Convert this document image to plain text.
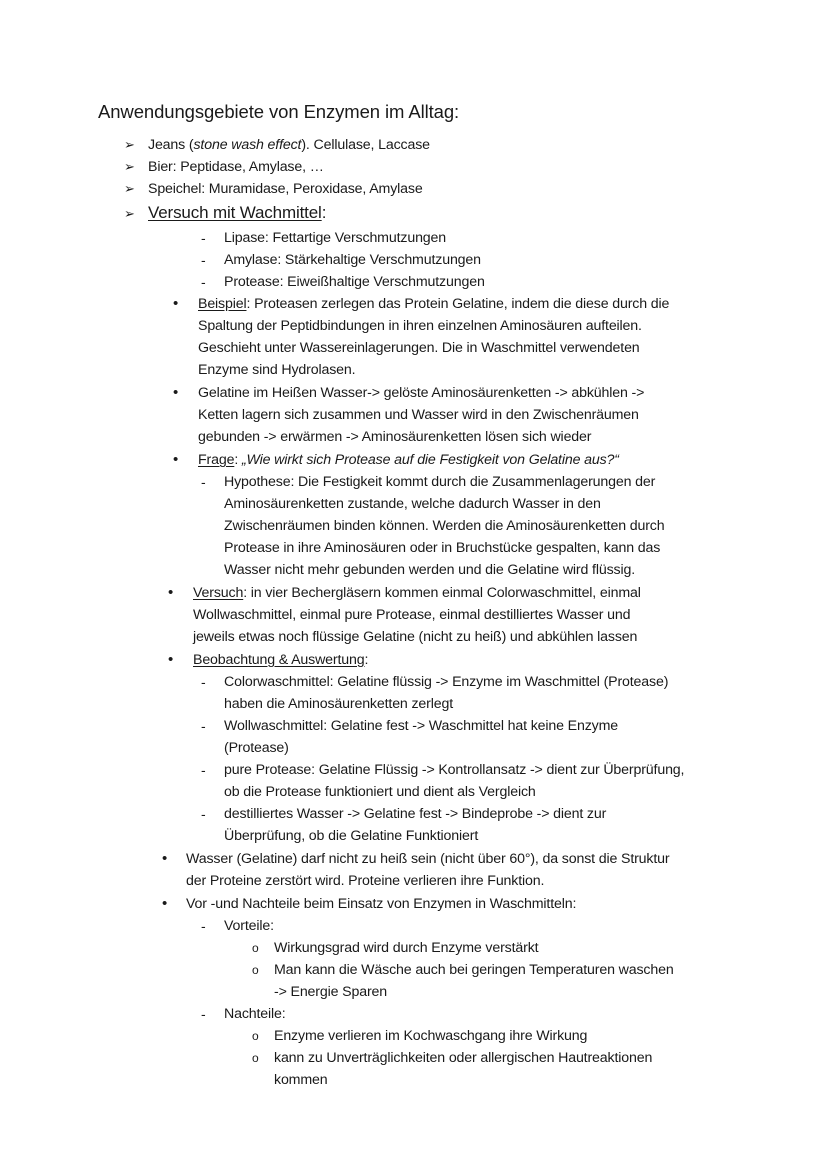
Anwendungsgebiete von Enzymen im Alltag:
➢ Jeans (stone wash effect). Cellulase, Laccase
➢ Bier: Peptidase, Amylase, …
➢ Speichel: Muramidase, Peroxidase, Amylase
➢ Versuch mit Wachmittel:
- Lipase: Fettartige Verschmutzungen
- Amylase: Stärkehaltige Verschmutzungen
- Protease: Eiweißhaltige Verschmutzungen
• Beispiel: Proteasen zerlegen das Protein Gelatine, indem die diese durch die
Spaltung der Peptidbindungen in ihren einzelnen Aminosäuren aufteilen.
Geschieht unter Wassereinlagerungen. Die in Waschmittel verwendeten
Enzyme sind Hydrolasen.
• Gelatine im Heißen Wasser-> gelöste Aminosäurenketten -> abkühlen ->
Ketten lagern sich zusammen und Wasser wird in den Zwischenräumen
gebunden -> erwärmen -> Aminosäurenketten lösen sich wieder
• Frage: „Wie wirkt sich Protease auf die Festigkeit von Gelatine aus?“
- Hypothese: Die Festigkeit kommt durch die Zusammenlagerungen der
Aminosäurenketten zustande, welche dadurch Wasser in den
Zwischenräumen binden können. Werden die Aminosäurenketten durch
Protease in ihre Aminosäuren oder in Bruchstücke gespalten, kann das
Wasser nicht mehr gebunden werden und die Gelatine wird flüssig.
• Versuch: in vier Bechergläsern kommen einmal Colorwaschmittel, einmal
Wollwaschmittel, einmal pure Protease, einmal destilliertes Wasser und
jeweils etwas noch flüssige Gelatine (nicht zu heiß) und abkühlen lassen
• Beobachtung & Auswertung:
- Colorwaschmittel: Gelatine flüssig -> Enzyme im Waschmittel (Protease)
haben die Aminosäurenketten zerlegt
- Wollwaschmittel: Gelatine fest -> Waschmittel hat keine Enzyme
(Protease)
- pure Protease: Gelatine Flüssig -> Kontrollansatz -> dient zur Überprüfung,
ob die Protease funktioniert und dient als Vergleich
- destilliertes Wasser -> Gelatine fest -> Bindeprobe -> dient zur
Überprüfung, ob die Gelatine Funktioniert
• Wasser (Gelatine) darf nicht zu heiß sein (nicht über 60°), da sonst die Struktur
der Proteine zerstört wird. Proteine verlieren ihre Funktion.
• Vor -und Nachteile beim Einsatz von Enzymen in Waschmitteln:
- Vorteile:
o Wirkungsgrad wird durch Enzyme verstärkt
o Man kann die Wäsche auch bei geringen Temperaturen waschen
-> Energie Sparen
- Nachteile:
o Enzyme verlieren im Kochwaschgang ihre Wirkung
o kann zu Unverträglichkeiten oder allergischen Hautreaktionen
kommen
